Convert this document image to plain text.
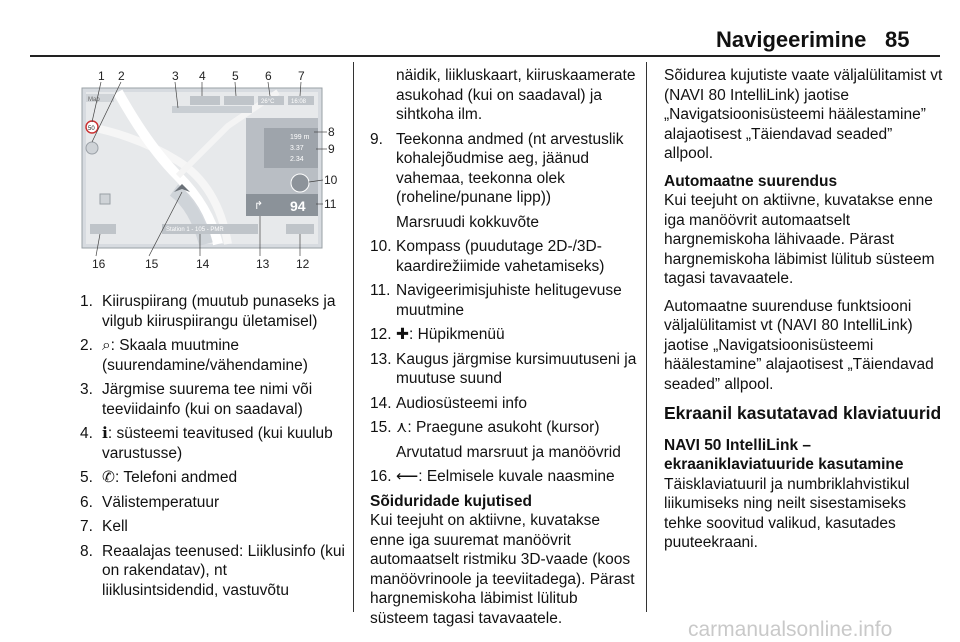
Navigeerimine 85
1 2	3 4 5 6 7
8
9
10
11
16	15	14	13 12
Map	26°C	16:08
50
199 m
3.37
2.34
↱ 94
Station 1 - 105 - PMR
1. Kiiruspiirang (muutub punaseks ja vilgub kiiruspiirangu ületamisel)
2. ⌕: Skaala muutmine (suurendamine/vähendamine)
3. Järgmise suurema tee nimi või teeviidainfo (kui on saadaval)
4. ℹ: süsteemi teavitused (kui kuulub varustusse)
5. ✆: Telefoni andmed
6. Välistemperatuur
7. Kell
8. Reaalajas teenused: Liiklusinfo (kui on rakendatav), nt liiklusintsidendid, vastuvõtu
näidik, liikluskaart, kiiruskaamerate asukohad (kui on saadaval) ja sihtkoha ilm.
9. Teekonna andmed (nt arvestuslik kohalejõudmise aeg, jäänud vahemaa, teekonna olek (roheline/punane lipp))
Marsruudi kokkuvõte
10. Kompass (puudutage 2D-/3D-kaardirežiimide vahetamiseks)
11. Navigeerimisjuhiste helitugevuse muutmine
12. ✚: Hüpikmenüü
13. Kaugus järgmise kursimuutuseni ja muutuse suund
14. Audiosüsteemi info
15. ⋏: Praegune asukoht (kursor)
Arvutatud marsruut ja manöövrid
16. ⟵: Eelmisele kuvale naasmine
Sõiduridade kujutised
Kui teejuht on aktiivne, kuvatakse enne iga suuremat manöövrit automaatselt ristmiku 3D-vaade (koos manöövrinoole ja teeviitadega). Pärast hargnemiskoha läbimist lülitub süsteem tagasi tavavaatele.
Sõidurea kujutiste vaate väljalülitamist vt (NAVI 80 IntelliLink) jaotise „Navigatsioonisüsteemi häälestamine” alajaotisest „Täiendavad seaded” allpool.
Automaatne suurendus
Kui teejuht on aktiivne, kuvatakse enne iga manöövrit automaatselt hargnemiskoha lähivaade. Pärast hargnemiskoha läbimist lülitub süsteem tagasi tavavaatele.
Automaatne suurenduse funktsiooni väljalülitamist vt (NAVI 80 IntelliLink) jaotise „Navigatsioonisüsteemi häälestamine” alajaotisest „Täiendavad seaded” allpool.
Ekraanil kasutatavad klaviatuurid
NAVI 50 IntelliLink – ekraaniklaviatuuride kasutamine
Täisklaviatuuril ja numbriklahvistikul liikumiseks ning neilt sisestamiseks tehke soovitud valikud, kasutades puuteekraani.
carmanualsonline.info
